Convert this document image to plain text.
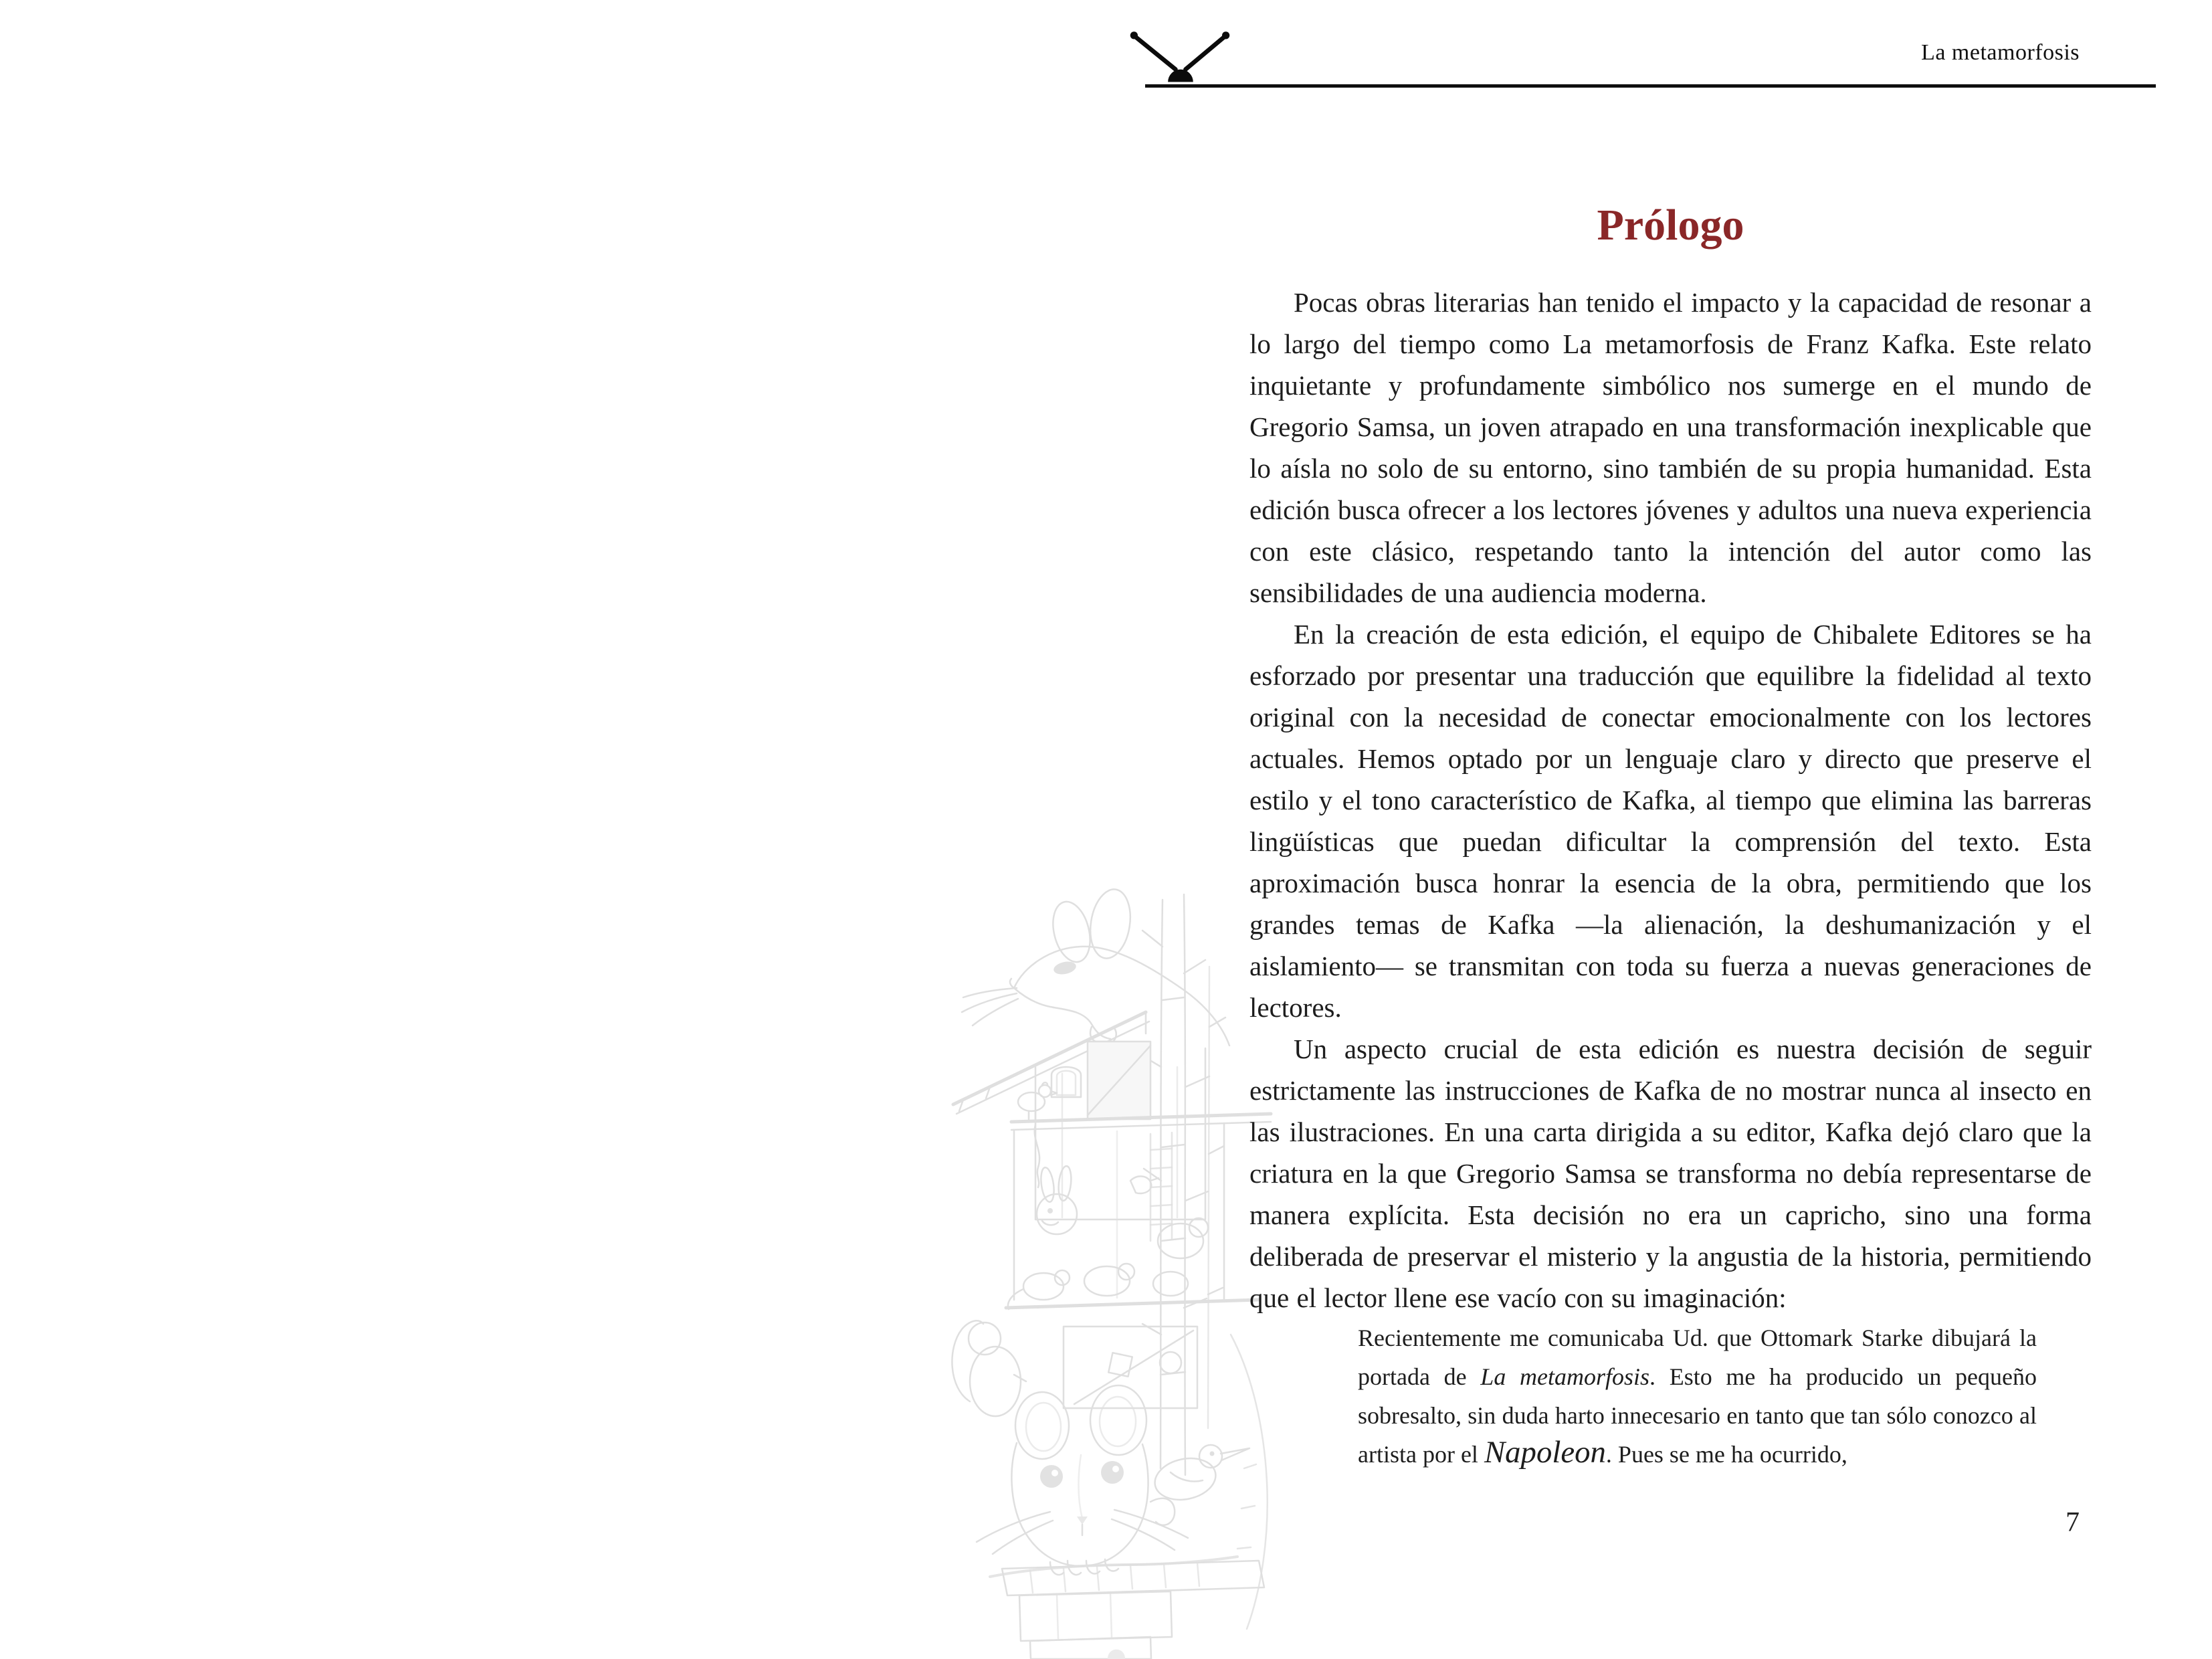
La metamorfosis
Prólogo

Pocas obras literarias han tenido el impacto y la capacidad de resonar a lo largo del tiempo como La metamorfosis de Franz Kafka. Este relato inquietante y profundamente simbólico nos sumerge en el mundo de Gregorio Samsa, un joven atrapado en una transformación inexplicable que lo aísla no solo de su entorno, sino también de su propia humanidad. Esta edición busca ofrecer a los lectores jóvenes y adultos una nueva experiencia con este clásico, respetando tanto la intención del autor como las sensibilidades de una audiencia moderna.

En la creación de esta edición, el equipo de Chibalete Editores se ha esforzado por presentar una traducción que equilibre la fidelidad al texto original con la necesidad de conectar emocionalmente con los lectores actuales. Hemos optado por un lenguaje claro y directo que preserve el estilo y el tono característico de Kafka, al tiempo que elimina las barreras lingüísticas que puedan dificultar la comprensión del texto. Esta aproximación busca honrar la esencia de la obra, permitiendo que los grandes temas de Kafka —la alienación, la deshumanización y el aislamiento— se transmitan con toda su fuerza a nuevas generaciones de lectores.

Un aspecto crucial de esta edición es nuestra decisión de seguir estrictamente las instrucciones de Kafka de no mostrar nunca al insecto en las ilustraciones. En una carta dirigida a su editor, Kafka dejó claro que la criatura en la que Gregorio Samsa se transforma no debía representarse de manera explícita. Esta decisión no era un capricho, sino una forma deliberada de preservar el misterio y la angustia de la historia, permitiendo que el lector llene ese vacío con su imaginación:

Recientemente me comunicaba Ud. que Ottomark Starke dibujará la portada de La metamorfosis. Esto me ha producido un pequeño sobresalto, sin duda harto innecesario en tanto que tan sólo conozco al artista por el Napoleon. Pues se me ha ocurrido,
7
